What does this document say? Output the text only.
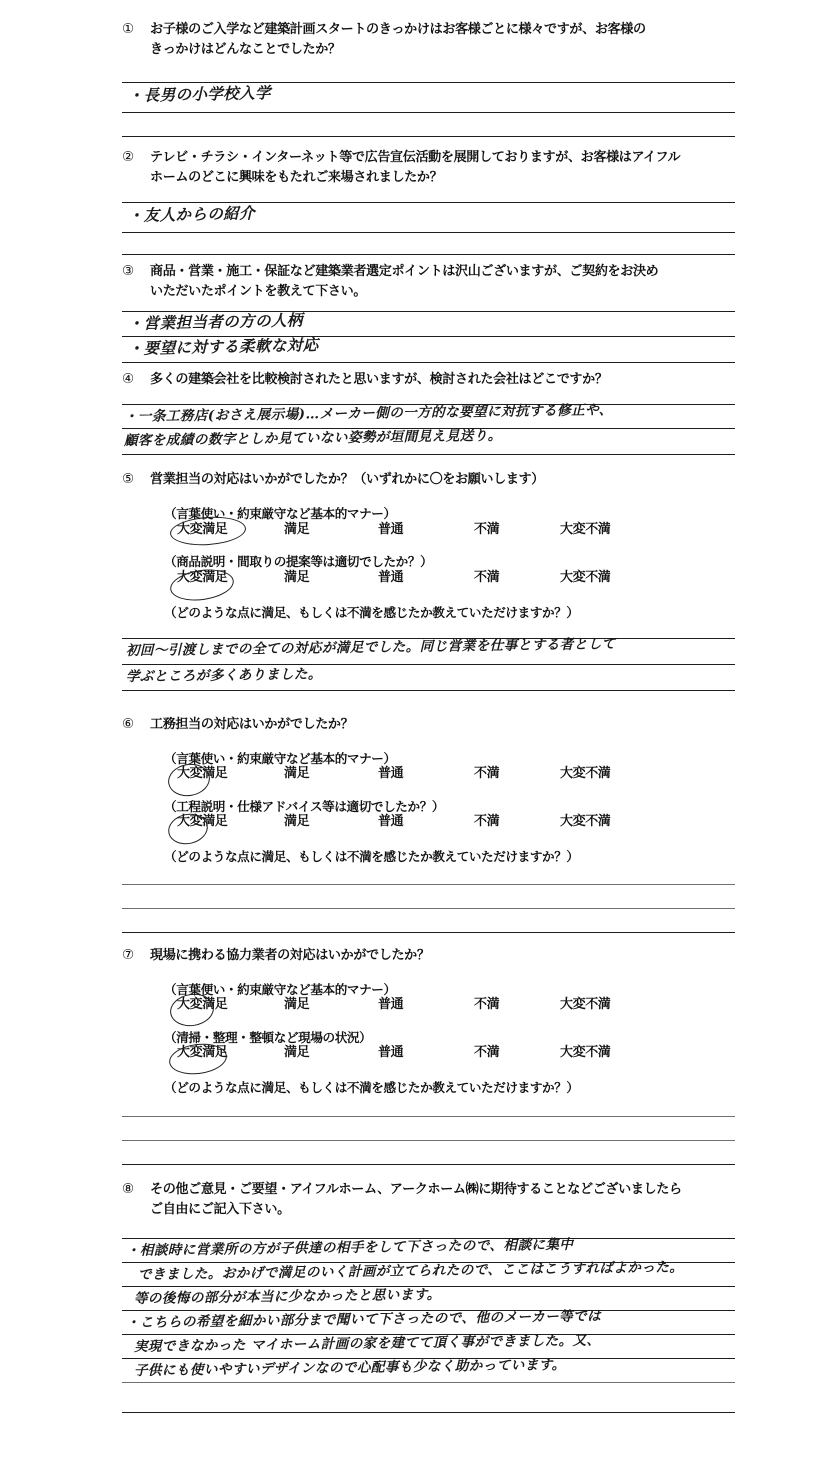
①	お子様のご入学など建築計画スタートのきっかけはお客様ごとに様々ですが、お客様の
きっかけはどんなことでしたか？
・長男の小学校入学
②	テレビ・チラシ・インターネット等で広告宣伝活動を展開しておりますが、お客様はアイフル
ホームのどこに興味をもたれご来場されましたか？
・友人からの紹介
③	商品・営業・施工・保証など建築業者選定ポイントは沢山ございますが、ご契約をお決め
いただいたポイントを教えて下さい。
・営業担当者の方の人柄
・要望に対する柔軟な対応
④	多くの建築会社を比較検討されたと思いますが、検討された会社はどこですか？
・一条工務店(おさえ展示場)…メーカー側の一方的な要望に対抗する修正や、
顧客を成績の数字としか見ていない姿勢が垣間見え見送り。
⑤	営業担当の対応はいかがでしたか？（いずれかに〇をお願いします）
（言葉使い・約束厳守など基本的マナー）
大変満足	満足	普通	不満	大変不満
（商品説明・間取りの提案等は適切でしたか？）
大変満足	満足	普通	不満	大変不満
（どのような点に満足、もしくは不満を感じたか教えていただけますか？）
初回〜引渡しまでの全ての対応が満足でした。同じ営業を仕事とする者として
学ぶところが多くありました。
⑥	工務担当の対応はいかがでしたか？
（言葉使い・約束厳守など基本的マナー）
大変満足	満足	普通	不満	大変不満
（工程説明・仕様アドバイス等は適切でしたか？）
大変満足	満足	普通	不満	大変不満
（どのような点に満足、もしくは不満を感じたか教えていただけますか？）
⑦	現場に携わる協力業者の対応はいかがでしたか？
（言葉便い・約束厳守など基本的マナー）
大変満足	満足	普通	不満	大変不満
（清掃・整理・整頓など現場の状況）
大変満足	満足	普通	不満	大変不満
（どのような点に満足、もしくは不満を感じたか教えていただけますか？）
⑧	その他ご意見・ご要望・アイフルホーム、アークホーム㈱に期待することなどございましたら
ご自由にご記入下さい。
・相談時に営業所の方が子供達の相手をして下さったので、相談に集中
できました。おかげで満足のいく計画が立てられたので、ここはこうすればよかった。
等の後悔の部分が本当に少なかったと思います。
・こちらの希望を細かい部分まで聞いて下さったので、他のメーカー等では
実現できなかった マイホーム計画の家を建てて頂く事ができました。又、
子供にも使いやすいデザインなので心配事も少なく助かっています。
